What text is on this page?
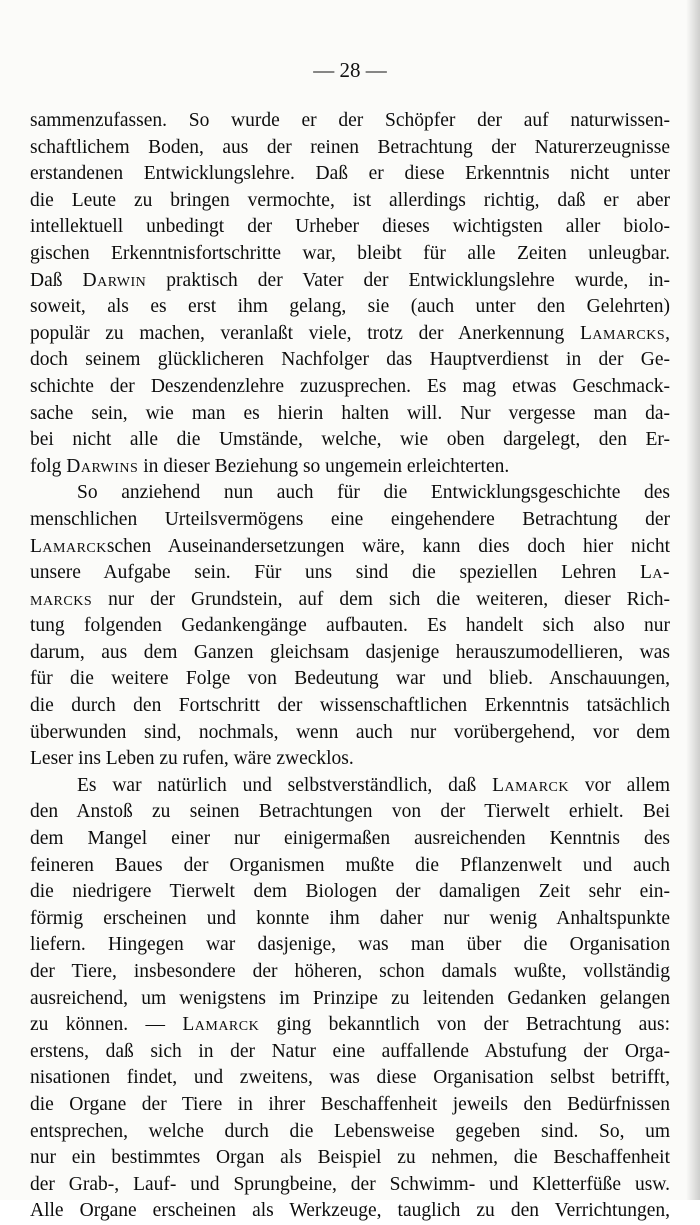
— 28 —

sammenzufassen. So wurde er der Schöpfer der auf naturwissen-
schaftlichem Boden, aus der reinen Betrachtung der Naturerzeugnisse
erstandenen Entwicklungslehre. Daß er diese Erkenntnis nicht unter
die Leute zu bringen vermochte, ist allerdings richtig, daß er aber
intellektuell unbedingt der Urheber dieses wichtigsten aller biolo-
gischen Erkenntnisfortschritte war, bleibt für alle Zeiten unleugbar.
Daß Darwin praktisch der Vater der Entwicklungslehre wurde, in-
soweit, als es erst ihm gelang, sie (auch unter den Gelehrten)
populär zu machen, veranlaßt viele, trotz der Anerkennung Lamarcks,
doch seinem glücklicheren Nachfolger das Hauptverdienst in der Ge-
schichte der Deszendenzlehre zuzusprechen. Es mag etwas Geschmack-
sache sein, wie man es hierin halten will. Nur vergesse man da-
bei nicht alle die Umstände, welche, wie oben dargelegt, den Er-
folg Darwins in dieser Beziehung so ungemein erleichterten.
So anziehend nun auch für die Entwicklungsgeschichte des
menschlichen Urteilsvermögens eine eingehendere Betrachtung der
Lamarckschen Auseinandersetzungen wäre, kann dies doch hier nicht
unsere Aufgabe sein. Für uns sind die speziellen Lehren La-
marcks nur der Grundstein, auf dem sich die weiteren, dieser Rich-
tung folgenden Gedankengänge aufbauten. Es handelt sich also nur
darum, aus dem Ganzen gleichsam dasjenige herauszumodellieren, was
für die weitere Folge von Bedeutung war und blieb. Anschauungen,
die durch den Fortschritt der wissenschaftlichen Erkenntnis tatsächlich
überwunden sind, nochmals, wenn auch nur vorübergehend, vor dem
Leser ins Leben zu rufen, wäre zwecklos.
Es war natürlich und selbstverständlich, daß Lamarck vor allem
den Anstoß zu seinen Betrachtungen von der Tierwelt erhielt. Bei
dem Mangel einer nur einigermaßen ausreichenden Kenntnis des
feineren Baues der Organismen mußte die Pflanzenwelt und auch
die niedrigere Tierwelt dem Biologen der damaligen Zeit sehr ein-
förmig erscheinen und konnte ihm daher nur wenig Anhaltspunkte
liefern. Hingegen war dasjenige, was man über die Organisation
der Tiere, insbesondere der höheren, schon damals wußte, vollständig
ausreichend, um wenigstens im Prinzipe zu leitenden Gedanken gelangen
zu können. — Lamarck ging bekanntlich von der Betrachtung aus:
erstens, daß sich in der Natur eine auffallende Abstufung der Orga-
nisationen findet, und zweitens, was diese Organisation selbst betrifft,
die Organe der Tiere in ihrer Beschaffenheit jeweils den Bedürfnissen
entsprechen, welche durch die Lebensweise gegeben sind. So, um
nur ein bestimmtes Organ als Beispiel zu nehmen, die Beschaffenheit
der Grab-, Lauf- und Sprungbeine, der Schwimm- und Kletterfüße usw.
Alle Organe erscheinen als Werkzeuge, tauglich zu den Verrichtungen,
